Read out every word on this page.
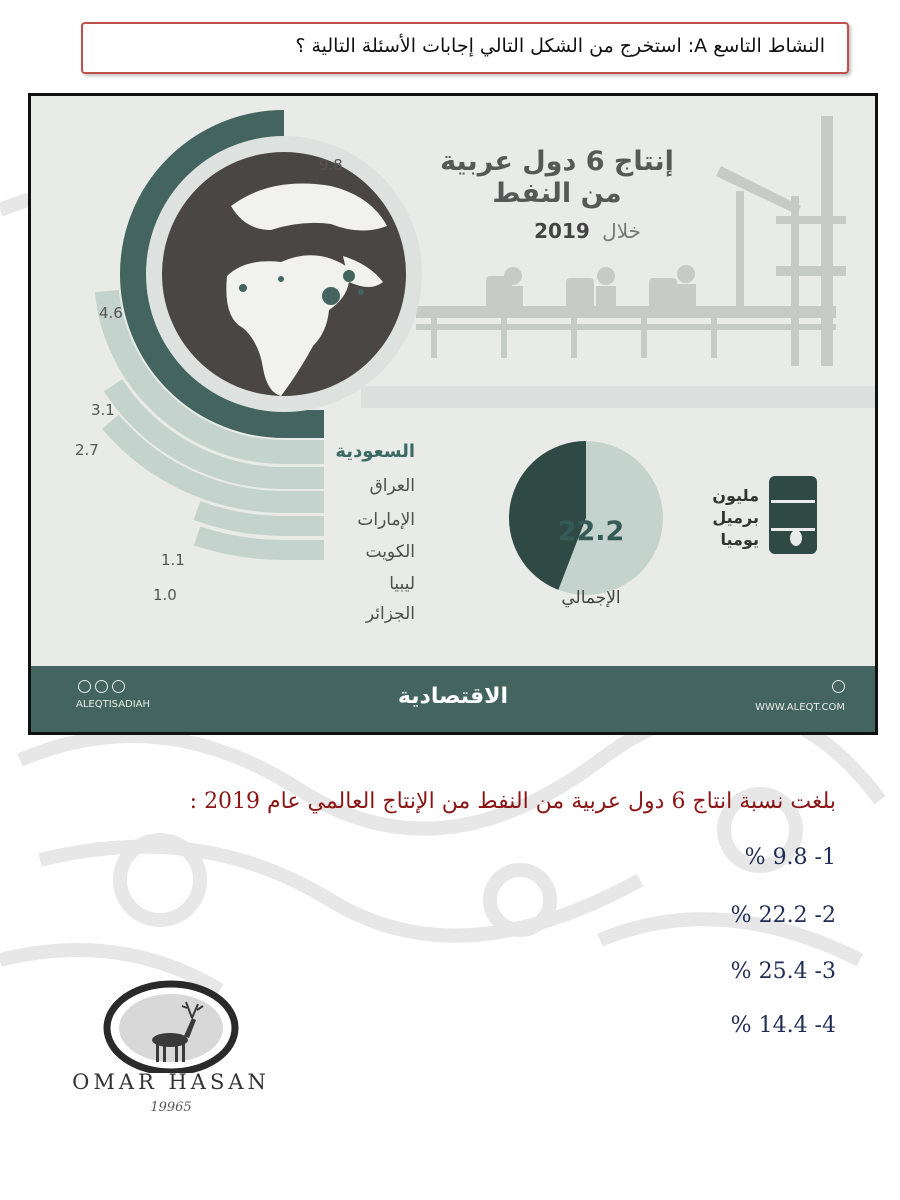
النشاط التاسع A: استخرج من الشكل التالي إجابات الأسئلة التالية ؟
إنتاج 6 دول عربية
من النفط
خلال 2019
السعودية
العراق
الإمارات
الكويت
ليبيا
الجزائر
9.8
4.6
3.1
2.7
1.1
1.0
22.2
الإجمالي
مليون
برميل
يوميا
ALEQTISADIAH	الاقتصادية	WWW.ALEQT.COM
بلغت نسبة انتاج 6 دول عربية من النفط من الإنتاج العالمي عام 2019 :
1- 9.8 %
2- 22.2 %
3- 25.4 %
4- 14.4 %
OMAR HASAN
19965
